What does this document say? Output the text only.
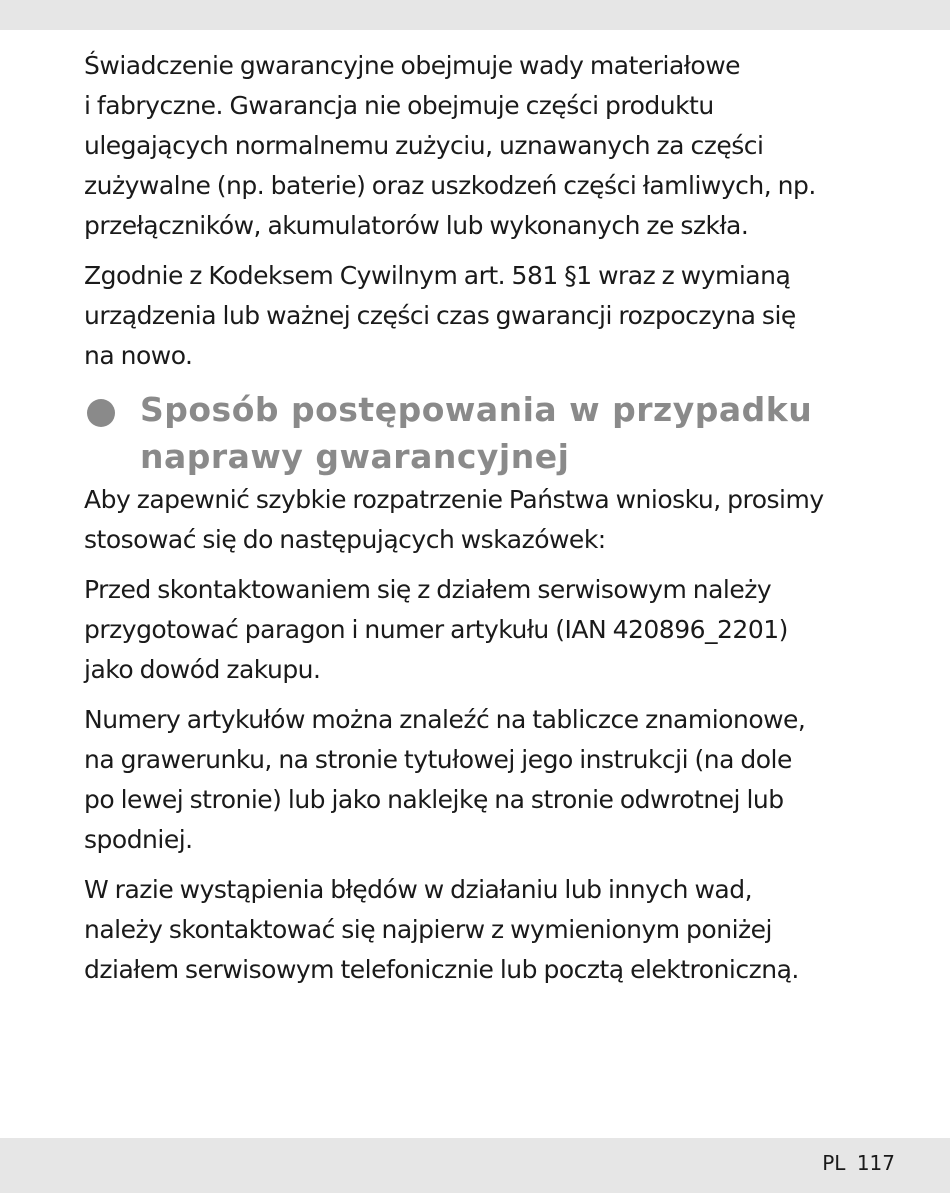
Świadczenie gwarancyjne obejmuje wady materiałowe
i fabryczne. Gwarancja nie obejmuje części produktu
ulegających normalnemu zużyciu, uznawanych za części
zużywalne (np. baterie) oraz uszkodzeń części łamliwych, np.
przełączników, akumulatorów lub wykonanych ze szkła.

Zgodnie z Kodeksem Cywilnym art. 581 §1 wraz z wymianą
urządzenia lub ważnej części czas gwarancji rozpoczyna się
na nowo.

Sposób postępowania w przypadku
naprawy gwarancyjnej

Aby zapewnić szybkie rozpatrzenie Państwa wniosku, prosimy
stosować się do następujących wskazówek:

Przed skontaktowaniem się z działem serwisowym należy
przygotować paragon i numer artykułu (IAN 420896_2201)
jako dowód zakupu.

Numery artykułów można znaleźć na tabliczce znamionowe,
na grawerunku, na stronie tytułowej jego instrukcji (na dole
po lewej stronie) lub jako naklejkę na stronie odwrotnej lub
spodniej.

W razie wystąpienia błędów w działaniu lub innych wad,
należy skontaktować się najpierw z wymienionym poniżej
działem serwisowym telefonicznie lub pocztą elektroniczną.

PL 117
